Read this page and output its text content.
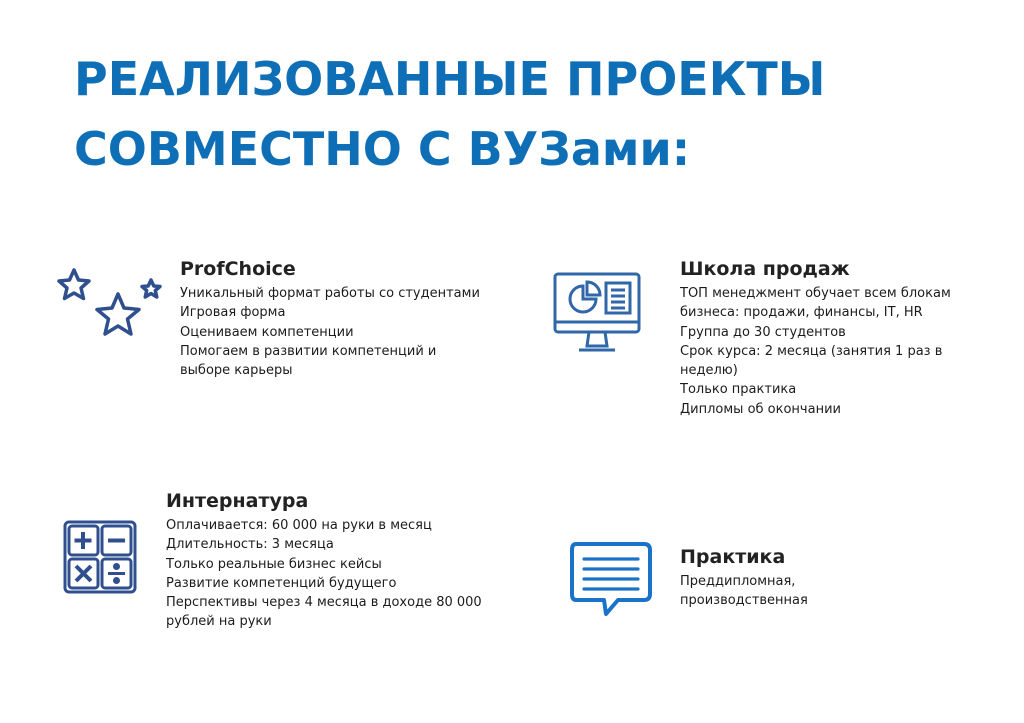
РЕАЛИЗОВАННЫЕ ПРОЕКТЫ
СОВМЕСТНО С ВУЗами:
ProfChoice
Уникальный формат работы со студентами
Игровая форма
Оцениваем компетенции
Помогаем в развитии компетенций и
выборе карьеры
Школа продаж
ТОП менеджмент обучает всем блокам
бизнеса: продажи, финансы, IT, HR
Группа до 30 студентов
Срок курса: 2 месяца (занятия 1 раз в
неделю)
Только практика
Дипломы об окончании
Интернатура
Оплачивается: 60 000 на руки в месяц
Длительность: 3 месяца
Только реальные бизнес кейсы
Развитие компетенций будущего
Перспективы через 4 месяца в доходе 80 000
рублей на руки
Практика
Преддипломная,
производственная
